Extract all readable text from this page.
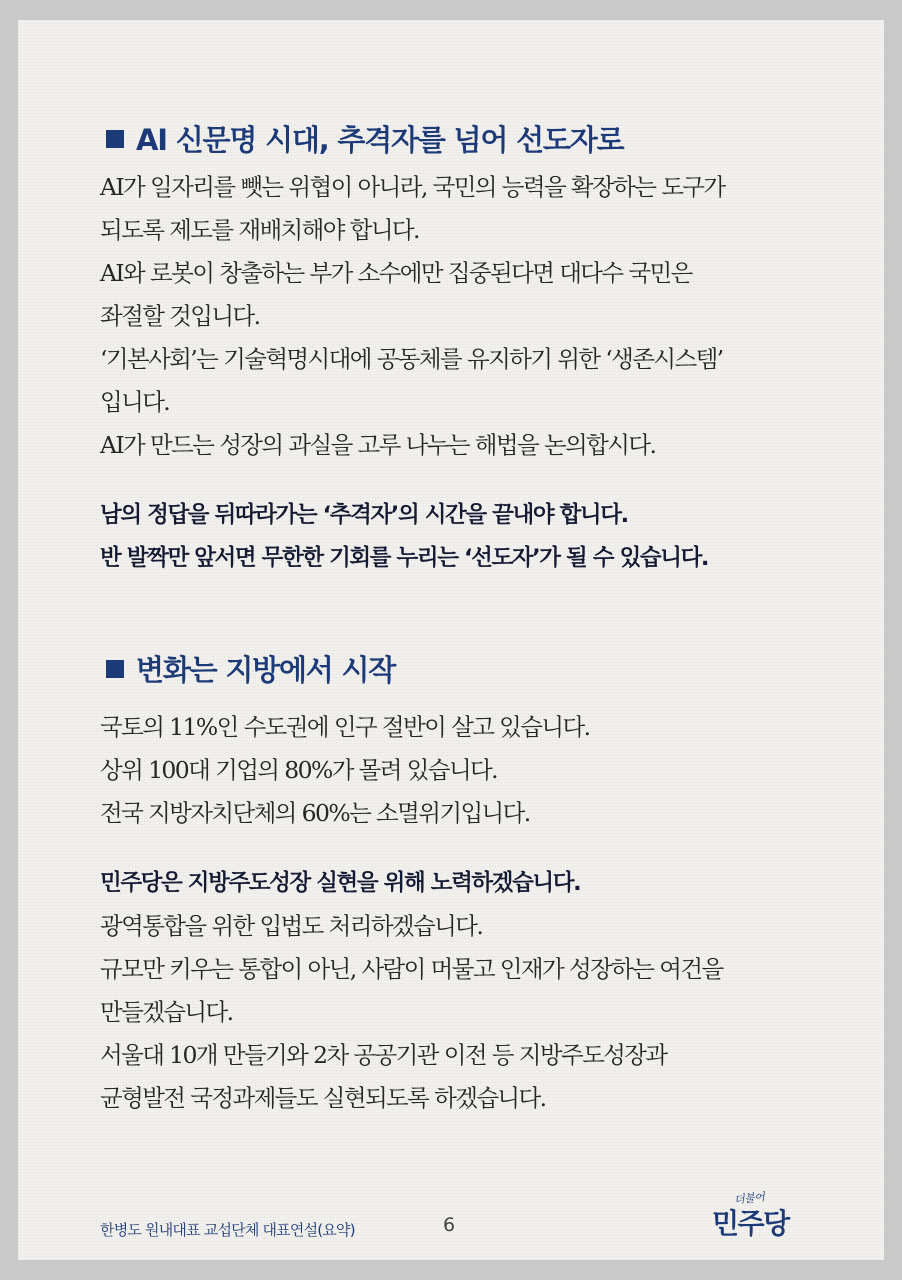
AI 신문명 시대, 추격자를 넘어 선도자로

AI가 일자리를 뺏는 위협이 아니라, 국민의 능력을 확장하는 도구가

되도록 제도를 재배치해야 합니다.

AI와 로봇이 창출하는 부가 소수에만 집중된다면 대다수 국민은

좌절할 것입니다.

‘기본사회’는 기술혁명시대에 공동체를 유지하기 위한 ‘생존시스템’

입니다.

AI가 만드는 성장의 과실을 고루 나누는 해법을 논의합시다.

남의 정답을 뒤따라가는 ‘추격자’의 시간을 끝내야 합니다.

반 발짝만 앞서면 무한한 기회를 누리는 ‘선도자’가 될 수 있습니다.

변화는 지방에서 시작

국토의 11%인 수도권에 인구 절반이 살고 있습니다.

상위 100대 기업의 80%가 몰려 있습니다.

전국 지방자치단체의 60%는 소멸위기입니다.

민주당은 지방주도성장 실현을 위해 노력하겠습니다.

광역통합을 위한 입법도 처리하겠습니다.

규모만 키우는 통합이 아닌, 사람이 머물고 인재가 성장하는 여건을

만들겠습니다.

서울대 10개 만들기와 2차 공공기관 이전 등 지방주도성장과

균형발전 국정과제들도 실현되도록 하겠습니다.

한병도 원내대표 교섭단체 대표연설(요약)	6
더불어
민주당
